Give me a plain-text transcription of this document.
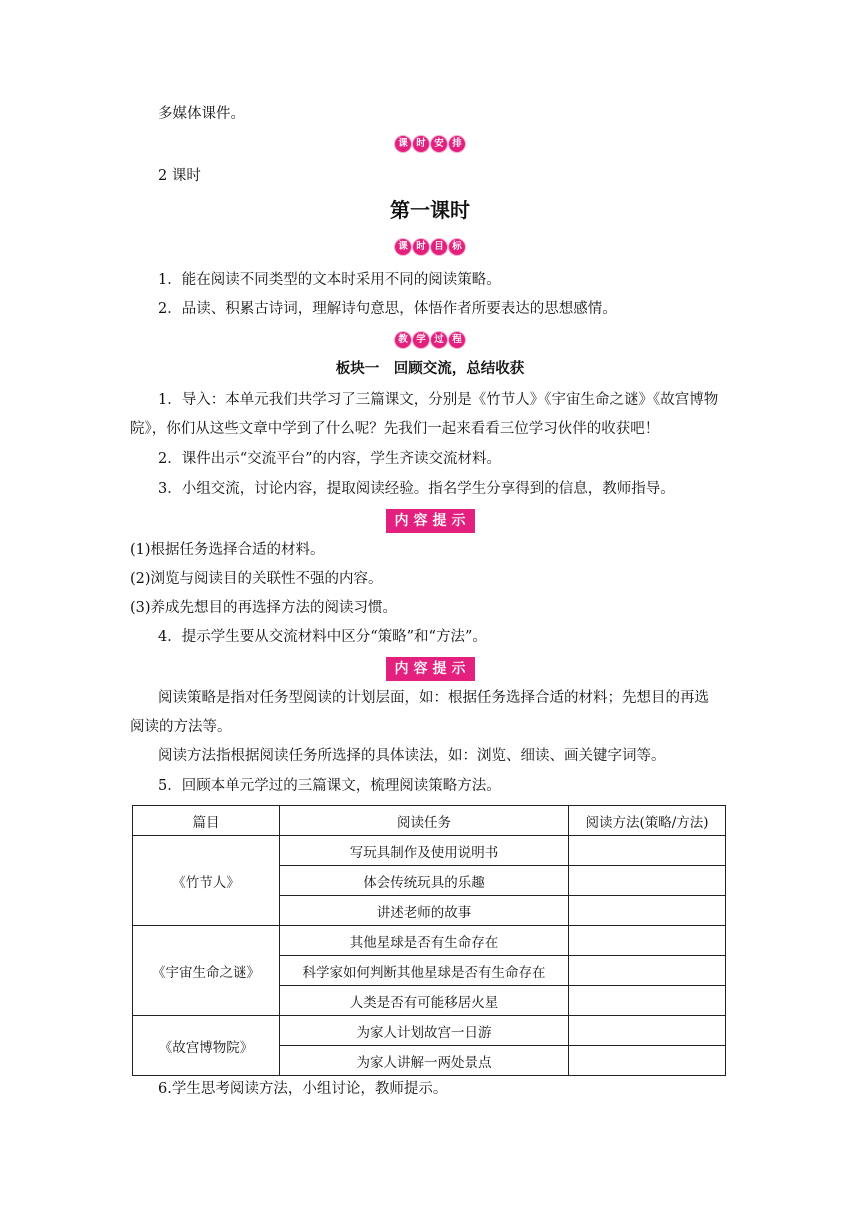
多媒体课件。
课 时 安 排
2 课时
第一课时
课 时 目 标
1．能在阅读不同类型的文本时采用不同的阅读策略。
2．品读、积累古诗词，理解诗句意思，体悟作者所要表达的思想感情。
教 学 过 程
板块一　回顾交流，总结收获
1．导入：本单元我们共学习了三篇课文，分别是《竹节人》《宇宙生命之谜》《故宫博物
院》，你们从这些文章中学到了什么呢？先我们一起来看看三位学习伙伴的收获吧！
2．课件出示“交流平台”的内容，学生齐读交流材料。
3．小组交流，讨论内容，提取阅读经验。指名学生分享得到的信息，教师指导。
内容提示
(1)根据任务选择合适的材料。
(2)浏览与阅读目的关联性不强的内容。
(3)养成先想目的再选择方法的阅读习惯。
4．提示学生要从交流材料中区分“策略”和“方法”。
内容提示
阅读策略是指对任务型阅读的计划层面，如：根据任务选择合适的材料；先想目的再选
阅读的方法等。
阅读方法指根据阅读任务所选择的具体读法，如：浏览、细读、画关键字词等。
5．回顾本单元学过的三篇课文，梳理阅读策略方法。
篇目	阅读任务	阅读方法(策略/方法)
《竹节人》	写玩具制作及使用说明书	
	体会传统玩具的乐趣	
	讲述老师的故事	
《宇宙生命之谜》	其他星球是否有生命存在	
	科学家如何判断其他星球是否有生命存在	
	人类是否有可能移居火星	
《故宫博物院》	为家人计划故宫一日游	
	为家人讲解一两处景点	
6.学生思考阅读方法，小组讨论，教师提示。
